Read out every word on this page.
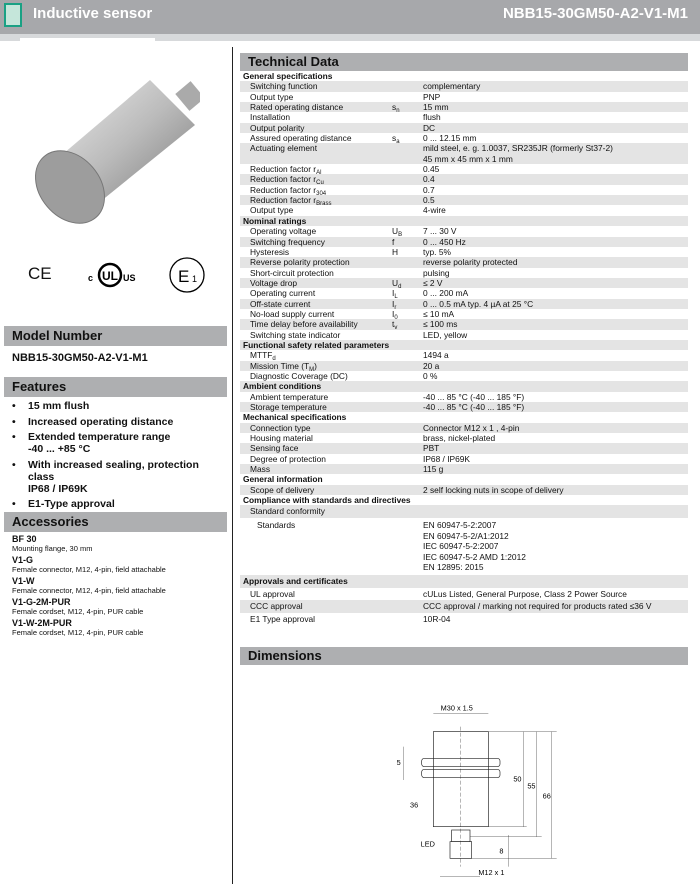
Inductive sensor	NBB15-30GM50-A2-V1-M1
CE	c UL US E 1
Model Number
NBB15-30GM50-A2-V1-M1
Features
• 15 mm flush
• Increased operating distance
• Extended temperature range
-40 ... +85 °C
• With increased sealing, protection class
IP68 / IP69K
• E1-Type approval
Accessories
BF 30
Mounting flange, 30 mm
V1-G
Female connector, M12, 4-pin, field attachable
V1-W
Female connector, M12, 4-pin, field attachable
V1-G-2M-PUR
Female cordset, M12, 4-pin, PUR cable
V1-W-2M-PUR
Female cordset, M12, 4-pin, PUR cable
Technical Data
General specifications
Switching function	complementary
Output type	PNP
Rated operating distance	$s_n$	15 mm
Installation	flush
Output polarity	DC
Assured operating distance	$s_a$	0 ... 12.15 mm
Actuating element	mild steel, e. g. 1.0037, SR235JR (formerly St37-2)
45 mm x 45 mm x 1 mm
Reduction factor $r_{Al}$	0.45
Reduction factor $r_{Cu}$	0.4
Reduction factor $r_{304}$	0.7
Reduction factor $r_{Brass}$	0.5
Output type	4-wire
Nominal ratings
Operating voltage	$U_B$	7 ... 30 V
Switching frequency	f	0 ... 450 Hz
Hysteresis	H	typ. 5%
Reverse polarity protection	reverse polarity protected
Short-circuit protection	pulsing
Voltage drop	$U_d$	≤ 2 V
Operating current	$I_L$	0 ... 200 mA
Off-state current	$I_r$	0 ... 0.5 mA typ. 4 µA at 25 °C
No-load supply current	$I_0$	≤ 10 mA
Time delay before availability	$t_v$	≤ 100 ms
Switching state indicator	LED, yellow
Functional safety related parameters
$MTTF_d$	1494 a
Mission Time $(T_M)$	20 a
Diagnostic Coverage (DC)	0 %
Ambient conditions
Ambient temperature	-40 ... 85 °C (-40 ... 185 °F)
Storage temperature	-40 ... 85 °C (-40 ... 185 °F)
Mechanical specifications
Connection type	Connector M12 x 1 , 4-pin
Housing material	brass, nickel-plated
Sensing face	PBT
Degree of protection	IP68 / IP69K
Mass	115 g
General information
Scope of delivery	2 self locking nuts in scope of delivery
Compliance with standards and directives
Standard conformity
Standards	EN 60947-5-2:2007
EN 60947-5-2/A1:2012
IEC 60947-5-2:2007
IEC 60947-5-2 AMD 1:2012
EN 12895: 2015
Approvals and certificates
UL approval	cULus Listed, General Purpose, Class 2 Power Source
CCC approval	CCC approval / marking not required for products rated ≤36 V
E1 Type approval	10R-04
Dimensions
M30 x 1.5
5
36
50
55
66
LED
8
M12 x 1
